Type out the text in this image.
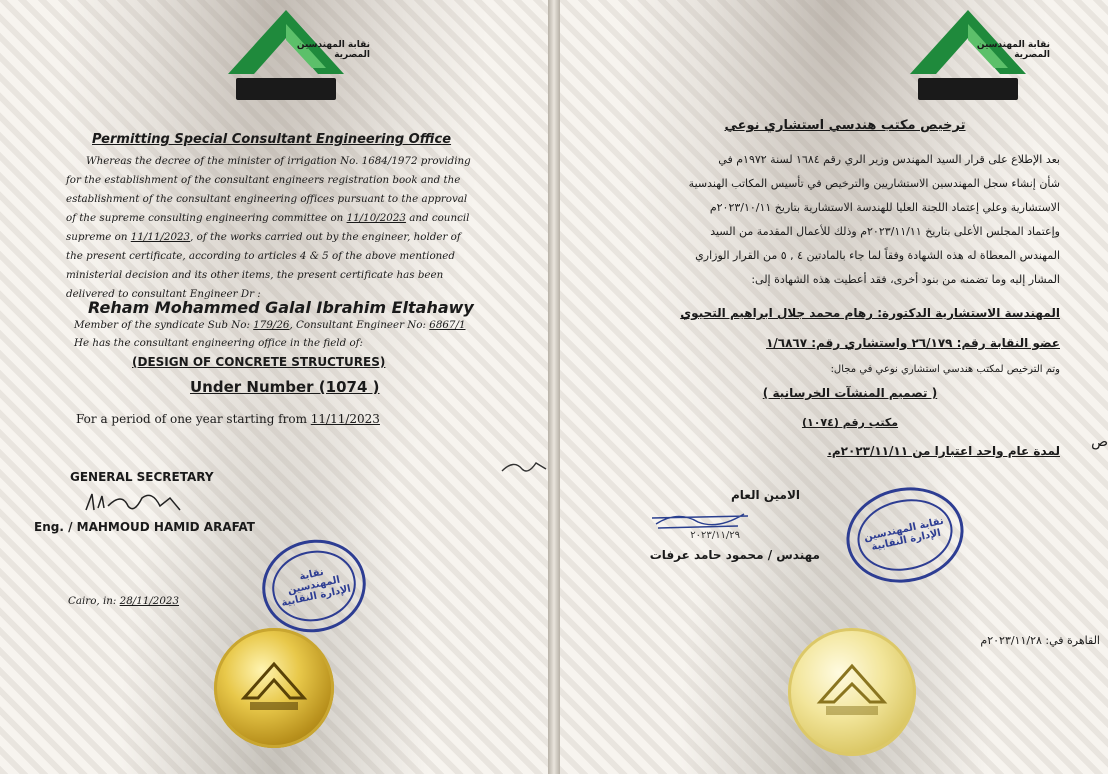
نقابة المهندسين المصرية
Permitting Special Consultant Engineering Office
Whereas the decree of the minister of irrigation No. 1684/1972 providing
for the establishment of the consultant engineers registration book and the
establishment of the consultant engineering offices pursuant to the approval
of the supreme consulting engineering committee on 11/10/2023 and council
supreme on 11/11/2023, of the works carried out by the engineer, holder of
the present certificate, according to articles 4 & 5 of the above mentioned
ministerial decision and its other items, the present certificate has been
delivered to consultant Engineer Dr :
Reham Mohammed Galal Ibrahim Eltahawy
Member of the syndicate Sub No: 179/26, Consultant Engineer No: 6867/1
He has the consultant engineering office in the field of:
(DESIGN OF CONCRETE STRUCTURES)
Under Number (1074 )
For a period of one year starting from 11/11/2023
GENERAL SECRETARY
Eng. / MAHMOUD HAMID ARAFAT
نقابة المهندسين الإدارة النقابية
Cairo, in: 28/11/2023
نقابة المهندسين المصرية
ترخيص مكتب هندسي استشاري نوعي
بعد الإطلاع على قرار السيد المهندس وزير الري رقم ١٦٨٤ لسنة ١٩٧٢م في
شأن إنشاء سجل المهندسين الاستشاريين والترخيص في تأسيس المكاتب الهندسية
الاستشارية وعلي إعتماد اللجنة العليا للهندسة الاستشارية بتاريخ ٢٠٢٣/١٠/١١م
وإعتماد المجلس الأعلى بتاريخ ٢٠٢٣/١١/١١م وذلك للأعمال المقدمة من السيد
المهندس المعطاة له هذه الشهادة وفقاً لما جاء بالمادتين ٤ , ٥ من القرار الوزاري
المشار إليه وما تضمنه من بنود أخرى، فقد أعطيت هذه الشهادة إلى:
المهندسة الاستشارية الدكتورة: رهام محمد جلال ابراهيم التحيوي
عضو النقابة رقم: ٢٦/١٧٩ واستشاري رقم: ١/٦٨٦٧
وتم الترخيص لمكتب هندسي استشاري نوعي في مجال:
( تصميم المنشآت الخرسانية )
مكتب رقم (١٠٧٤)
لمدة عام واحد اعتبارا من ٢٠٢٣/١١/١١م.
ص
الامين العام
٢٠٢٣/١١/٢٩
مهندس / محمود حامد عرفات
نقابة المهندسين الإدارة النقابية
القاهرة في: ٢٠٢٣/١١/٢٨م
